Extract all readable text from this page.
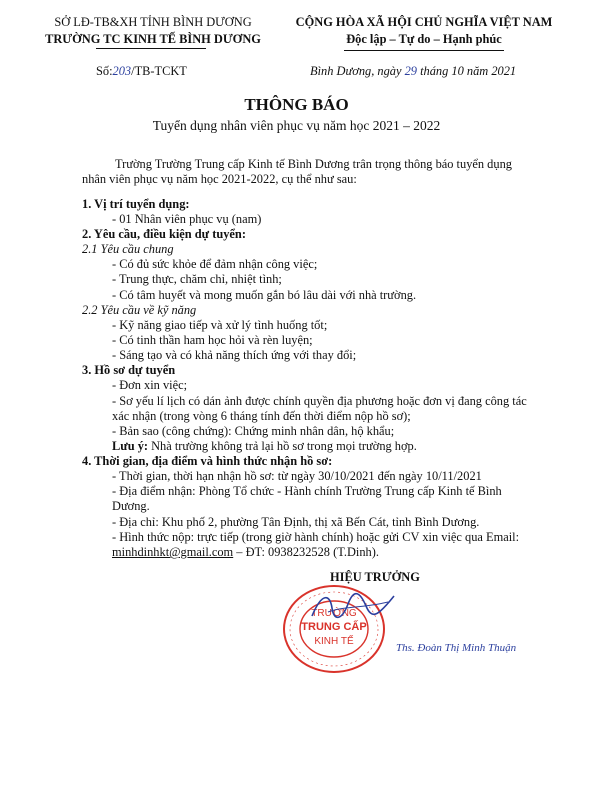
SỞ LĐ-TB&XH TỈNH BÌNH DƯƠNG
TRƯỜNG TC KINH TẾ BÌNH DƯƠNG
CỘNG HÒA XÃ HỘI CHỦ NGHĨA VIỆT NAM
Độc lập – Tự do – Hạnh phúc
Số:203/TB-TCKT	Bình Dương, ngày 29 tháng 10 năm 2021
THÔNG BÁO
Tuyển dụng nhân viên phục vụ năm học 2021 – 2022
Trường Trường Trung cấp Kinh tế Bình Dương trân trọng thông báo tuyển dụng
nhân viên phục vụ năm học 2021-2022, cụ thể như sau:
1. Vị trí tuyển dụng:
- 01 Nhân viên phục vụ (nam)
2. Yêu cầu, điều kiện dự tuyển:
2.1 Yêu cầu chung
- Có đủ sức khỏe để đảm nhận công việc;
- Trung thực, chăm chỉ, nhiệt tình;
- Có tâm huyết và mong muốn gắn bó lâu dài với nhà trường.
2.2 Yêu cầu về kỹ năng
- Kỹ năng giao tiếp và xử lý tình huống tốt;
- Có tinh thần ham học hỏi và rèn luyện;
- Sáng tạo và có khả năng thích ứng với thay đổi;
3. Hồ sơ dự tuyển
- Đơn xin việc;
- Sơ yếu lí lịch có dán ảnh được chính quyền địa phương hoặc đơn vị đang công tác
xác nhận (trong vòng 6 tháng tính đến thời điểm nộp hồ sơ);
- Bản sao (công chứng): Chứng minh nhân dân, hộ khẩu;
Lưu ý: Nhà trường không trả lại hồ sơ trong mọi trường hợp.
4. Thời gian, địa điểm và hình thức nhận hồ sơ:
- Thời gian, thời hạn nhận hồ sơ: từ ngày 30/10/2021 đến ngày 10/11/2021
- Địa điểm nhận: Phòng Tổ chức - Hành chính Trường Trung cấp Kinh tế Bình
Dương.
- Địa chỉ: Khu phố 2, phường Tân Định, thị xã Bến Cát, tỉnh Bình Dương.
- Hình thức nộp: trực tiếp (trong giờ hành chính) hoặc gửi CV xin việc qua Email:
minhdinhkt@gmail.com – ĐT: 0938232528 (T.Dinh).
HIỆU TRƯỞNG
TRƯỜNG
TRUNG CẤP
KINH TẾ
Ths. Đoàn Thị Minh Thuận
